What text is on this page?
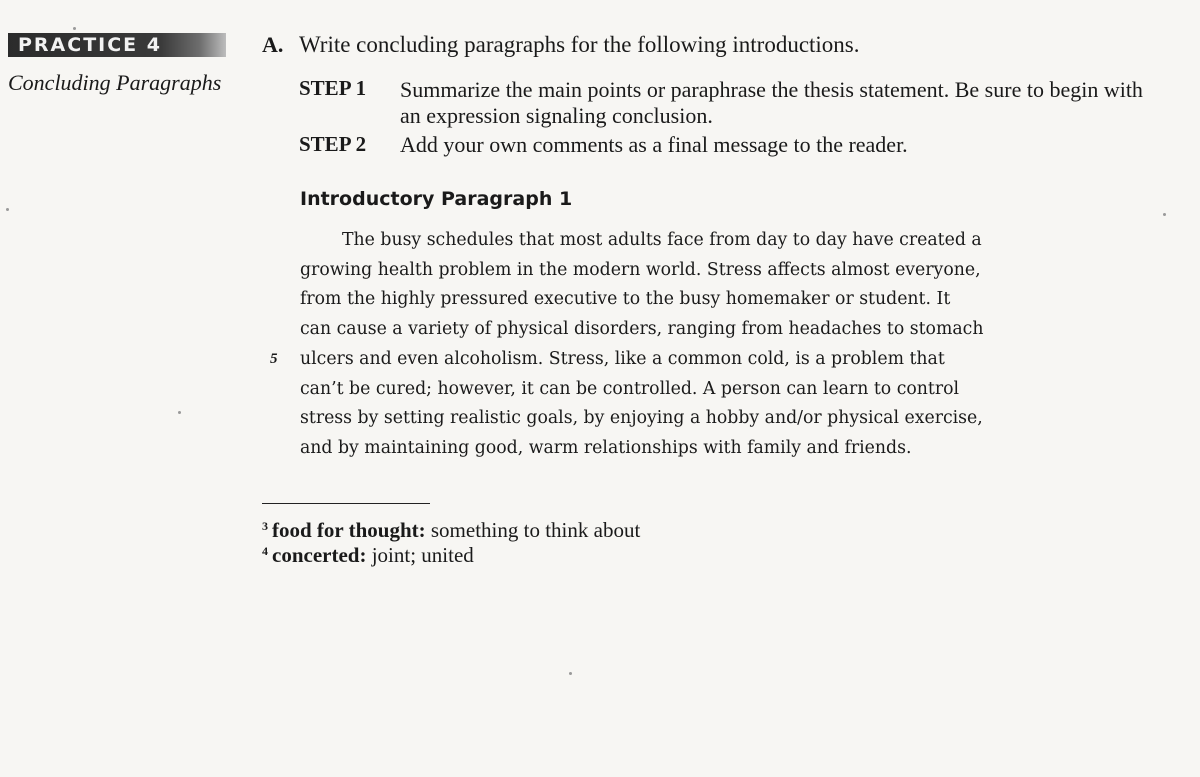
PRACTICE 4
Concluding Paragraphs
A. Write concluding paragraphs for the following introductions.
STEP 1 Summarize the main points or paraphrase the thesis statement. Be sure to begin with an expression signaling conclusion.
STEP 2 Add your own comments as a final message to the reader.
Introductory Paragraph 1
5
The busy schedules that most adults face from day to day have created a
growing health problem in the modern world. Stress affects almost everyone,
from the highly pressured executive to the busy homemaker or student. It
can cause a variety of physical disorders, ranging from headaches to stomach
ulcers and even alcoholism. Stress, like a common cold, is a problem that
can’t be cured; however, it can be controlled. A person can learn to control
stress by setting realistic goals, by enjoying a hobby and/or physical exercise,
and by maintaining good, warm relationships with family and friends.
$^3$ food for thought: something to think about
$^4$ concerted: joint; united
